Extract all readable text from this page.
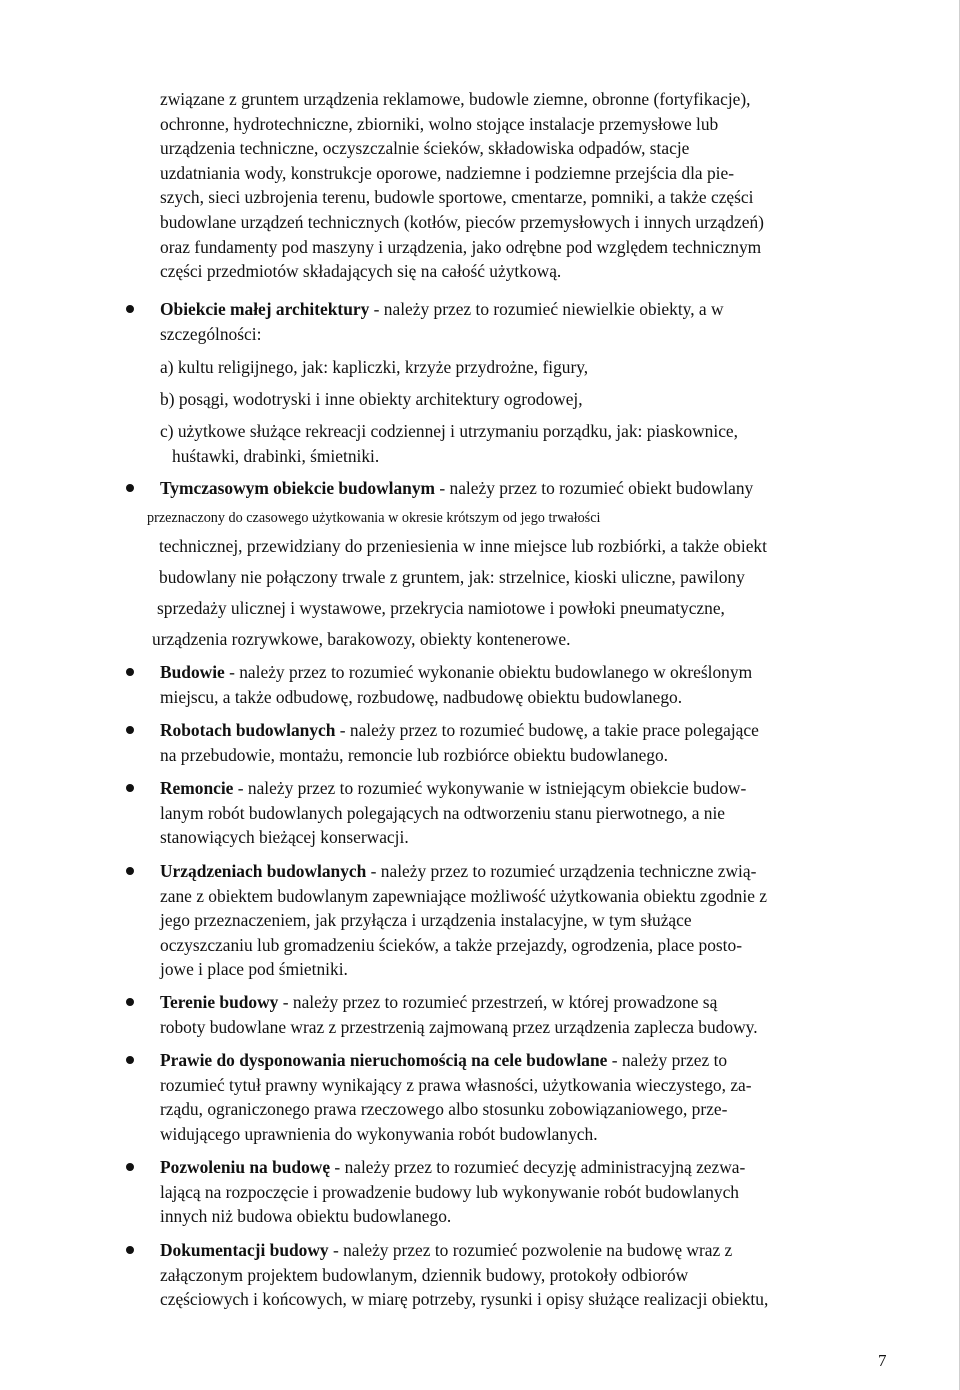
związane z gruntem urządzenia reklamowe, budowle ziemne, obronne (fortyfikacje),

ochronne, hydrotechniczne, zbiorniki, wolno stojące instalacje przemysłowe lub

urządzenia techniczne, oczyszczalnie ścieków, składowiska odpadów, stacje

uzdatniania wody, konstrukcje oporowe, nadziemne i podziemne przejścia dla pie-

szych, sieci uzbrojenia terenu, budowle sportowe, cmentarze, pomniki, a także części

budowlane urządzeń technicznych (kotłów, pieców przemysłowych i innych urządzeń)

oraz fundamenty pod maszyny i urządzenia, jako odrębne pod względem technicznym

części przedmiotów składających się na całość użytkową.

Obiekcie małej architektury - należy przez to rozumieć niewielkie obiekty, a w

szczególności:

a) kultu religijnego, jak: kapliczki, krzyże przydrożne, figury,

b) posągi, wodotryski i inne obiekty architektury ogrodowej,

c) użytkowe służące rekreacji codziennej i utrzymaniu porządku, jak: piaskownice,

huśtawki, drabinki, śmietniki.

Tymczasowym obiekcie budowlanym - należy przez to rozumieć obiekt budowlany

przeznaczony do czasowego użytkowania w okresie krótszym od jego trwałości
technicznej, przewidziany do przeniesienia w inne miejsce lub rozbiórki, a także obiekt
budowlany nie połączony trwale z gruntem, jak: strzelnice, kioski uliczne, pawilony
sprzedaży ulicznej i wystawowe, przekrycia namiotowe i powłoki pneumatyczne,
urządzenia rozrywkowe, barakowozy, obiekty kontenerowe.

Budowie - należy przez to rozumieć wykonanie obiektu budowlanego w określonym

miejscu, a także odbudowę, rozbudowę, nadbudowę obiektu budowlanego.

Robotach budowlanych - należy przez to rozumieć budowę, a takie prace polegające

na przebudowie, montażu, remoncie lub rozbiórce obiektu budowlanego.

Remoncie - należy przez to rozumieć wykonywanie w istniejącym obiekcie budow-

lanym robót budowlanych polegających na odtworzeniu stanu pierwotnego, a nie

stanowiących bieżącej konserwacji.

Urządzeniach budowlanych - należy przez to rozumieć urządzenia techniczne zwią-

zane z obiektem budowlanym zapewniające możliwość użytkowania obiektu zgodnie z

jego przeznaczeniem, jak przyłącza i urządzenia instalacyjne, w tym służące

oczyszczaniu lub gromadzeniu ścieków, a także przejazdy, ogrodzenia, place posto-

jowe i place pod śmietniki.

Terenie budowy - należy przez to rozumieć przestrzeń, w której prowadzone są

roboty budowlane wraz z przestrzenią zajmowaną przez urządzenia zaplecza budowy.

Prawie do dysponowania nieruchomością na cele budowlane - należy przez to

rozumieć tytuł prawny wynikający z prawa własności, użytkowania wieczystego, za-

rządu, ograniczonego prawa rzeczowego albo stosunku zobowiązaniowego, prze-

widującego uprawnienia do wykonywania robót budowlanych.

Pozwoleniu na budowę - należy przez to rozumieć decyzję administracyjną zezwa-

lającą na rozpoczęcie i prowadzenie budowy lub wykonywanie robót budowlanych

innych niż budowa obiektu budowlanego.

Dokumentacji budowy - należy przez to rozumieć pozwolenie na budowę wraz z

załączonym projektem budowlanym, dziennik budowy, protokoły odbiorów

częściowych i końcowych, w miarę potrzeby, rysunki i opisy służące realizacji obiektu,

7
